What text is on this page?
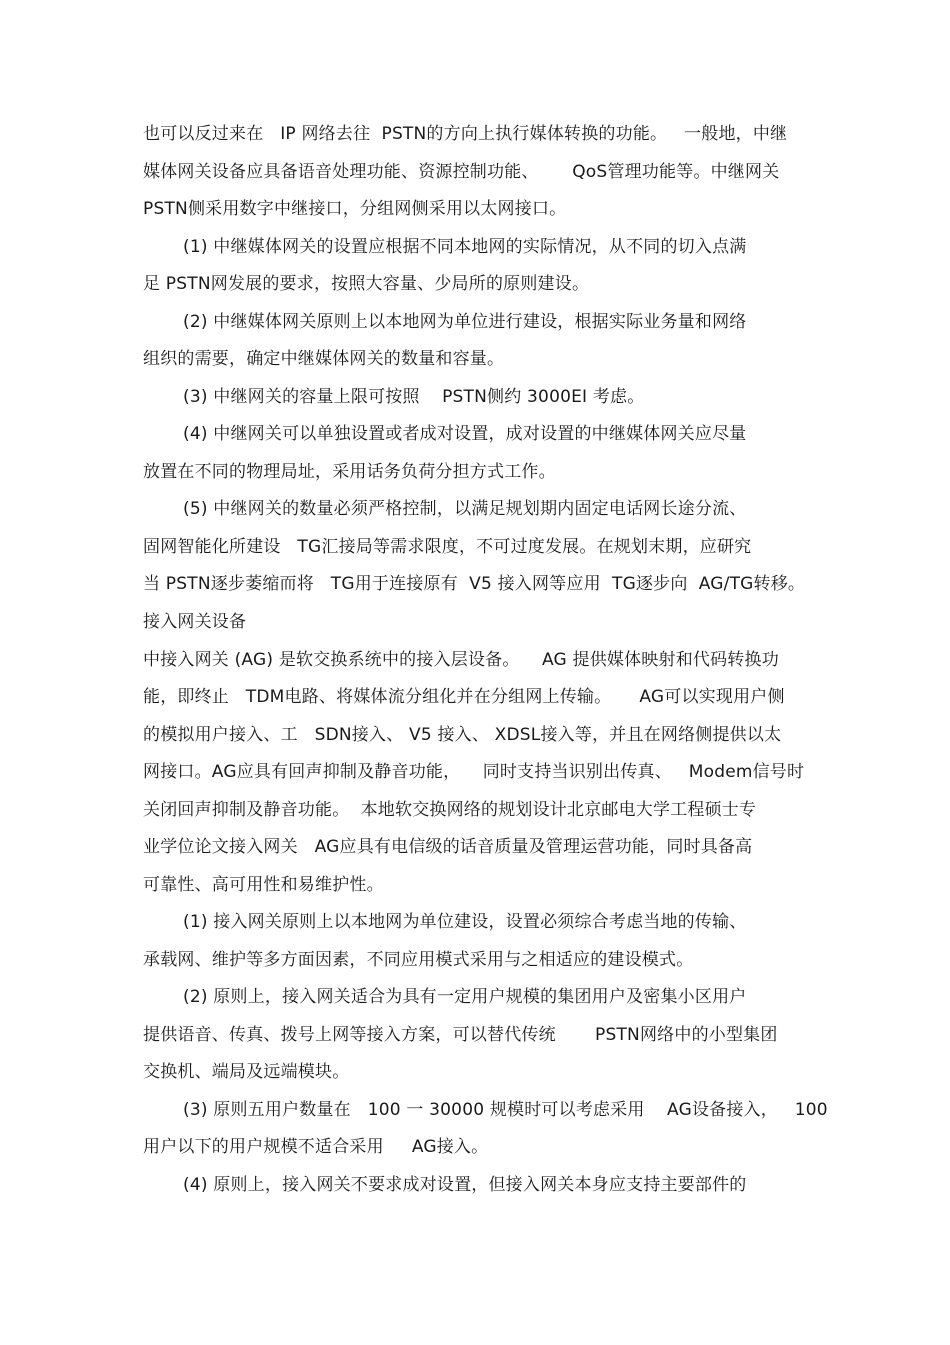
也可以反过来在   IP 网络去往  PSTN的方向上执行媒体转换的功能。   一般地，中继
媒体网关设备应具备语音处理功能、资源控制功能、      QoS管理功能等。中继网关
PSTN侧采用数字中继接口，分组网侧采用以太网接口。
(1) 中继媒体网关的设置应根据不同本地网的实际情况，从不同的切入点满
足 PSTN网发展的要求，按照大容量、少局所的原则建设。
(2) 中继媒体网关原则上以本地网为单位进行建设，根据实际业务量和网络
组织的需要，确定中继媒体网关的数量和容量。
(3) 中继网关的容量上限可按照    PSTN侧约 3000EI 考虑。
(4) 中继网关可以单独设置或者成对设置，成对设置的中继媒体网关应尽量
放置在不同的物理局址，采用话务负荷分担方式工作。
(5) 中继网关的数量必须严格控制，以满足规划期内固定电话网长途分流、
固网智能化所建设   TG汇接局等需求限度，不可过度发展。在规划末期，应研究
当 PSTN逐步萎缩而将   TG用于连接原有  V5 接入网等应用  TG逐步向  AG/TG转移。
接入网关设备
中接入网关 (AG) 是软交换系统中的接入层设备。    AG 提供媒体映射和代码转换功
能，即终止   TDM电路、将媒体流分组化并在分组网上传输。     AG可以实现用户侧
的模拟用户接入、工   SDN接入、 V5 接入、 XDSL接入等，并且在网络侧提供以太
网接口。AG应具有回声抑制及静音功能，    同时支持当识别出传真、   Modem信号时
关闭回声抑制及静音功能。  本地软交换网络的规划设计北京邮电大学工程硕士专
业学位论文接入网关   AG应具有电信级的话音质量及管理运营功能，同时具备高
可靠性、高可用性和易维护性。
(1) 接入网关原则上以本地网为单位建设，设置必须综合考虑当地的传输、
承载网、维护等多方面因素，不同应用模式采用与之相适应的建设模式。
(2) 原则上，接入网关适合为具有一定用户规模的集团用户及密集小区用户
提供语音、传真、拨号上网等接入方案，可以替代传统       PSTN网络中的小型集团
交换机、端局及远端模块。
(3) 原则五用户数量在   100 一 30000 规模时可以考虑采用    AG设备接入，   100
用户以下的用户规模不适合采用     AG接入。
(4) 原则上，接入网关不要求成对设置，但接入网关本身应支持主要部件的
